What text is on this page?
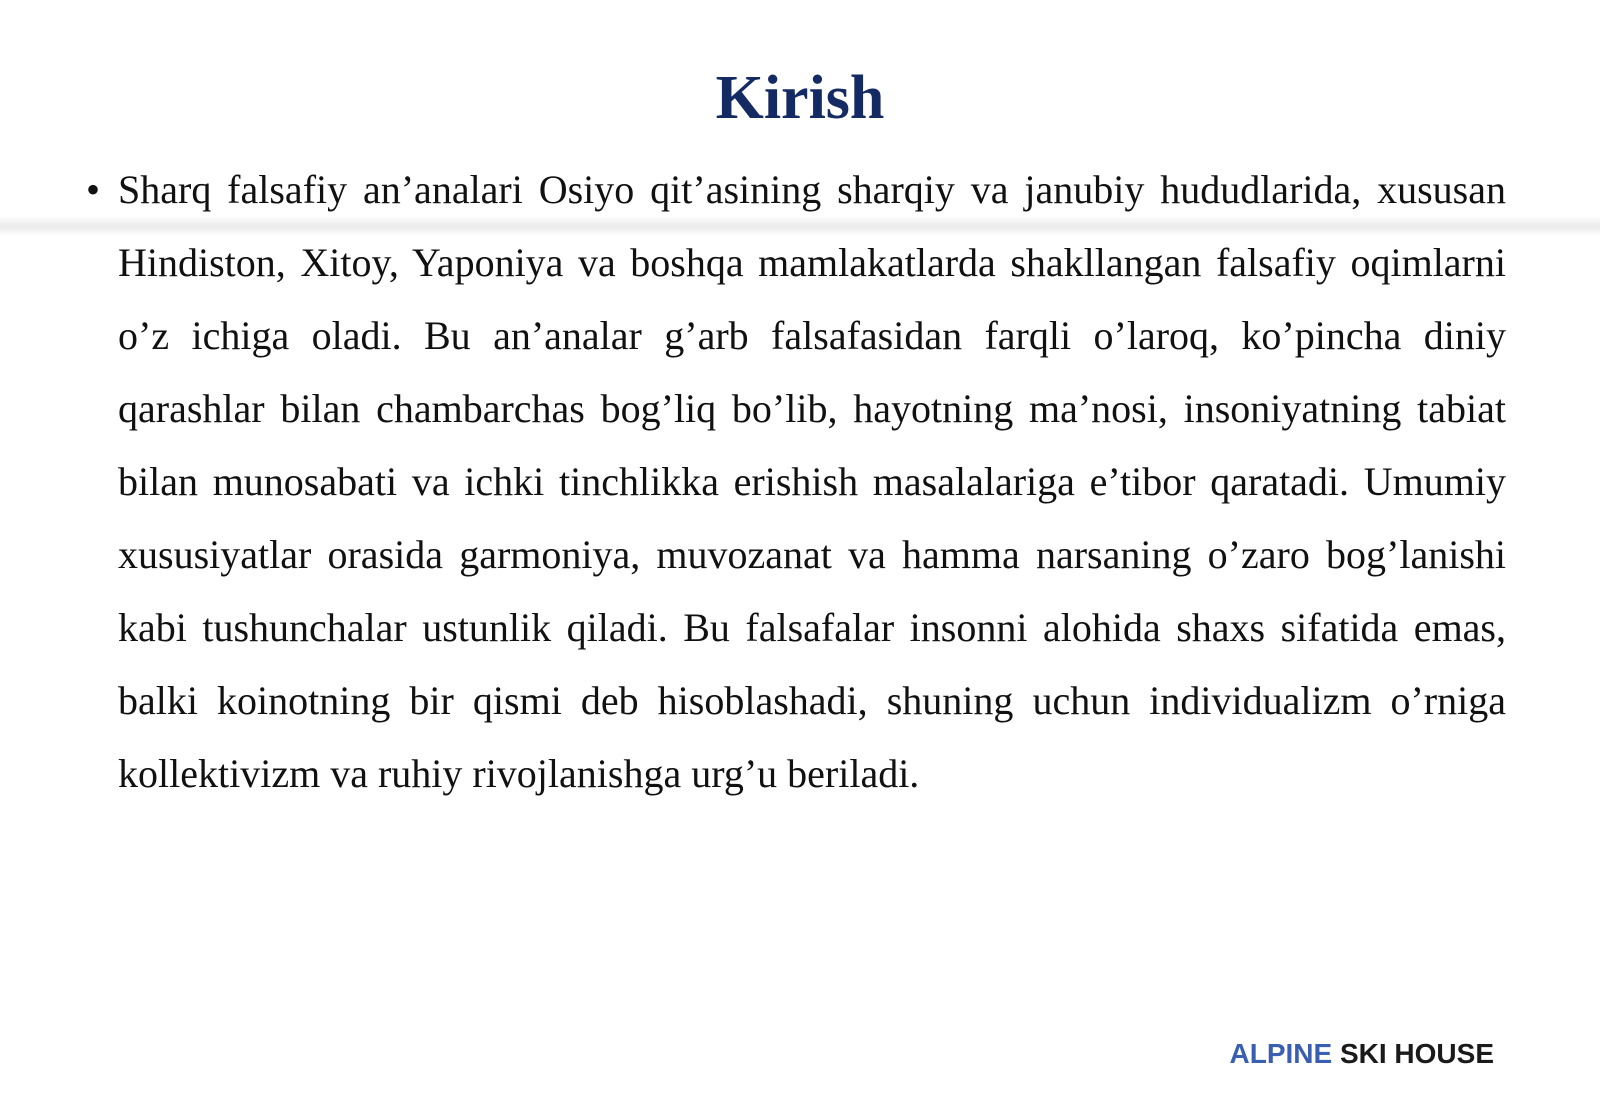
Kirish
• Sharq falsafiy an’analari Osiyo qit’asining sharqiy va janubiy hududlarida, xususan Hindiston, Xitoy, Yaponiya va boshqa mamlakatlarda shakllangan falsafiy oqimlarni o’z ichiga oladi. Bu an’analar g’arb falsafasidan farqli o’laroq, ko’pincha diniy qarashlar bilan chambarchas bog’liq bo’lib, hayotning ma’nosi, insoniyatning tabiat bilan munosabati va ichki tinchlikka erishish masalalariga e’tibor qaratadi. Umumiy xususiyatlar orasida garmoniya, muvozanat va hamma narsaning o’zaro bog’lanishi kabi tushunchalar ustunlik qiladi. Bu falsafalar insonni alohida shaxs sifatida emas, balki koinotning bir qismi deb hisoblashadi, shuning uchun individualizm o’rniga kollektivizm va ruhiy rivojlanishga urg’u beriladi.

ALPINE SKI HOUSE
